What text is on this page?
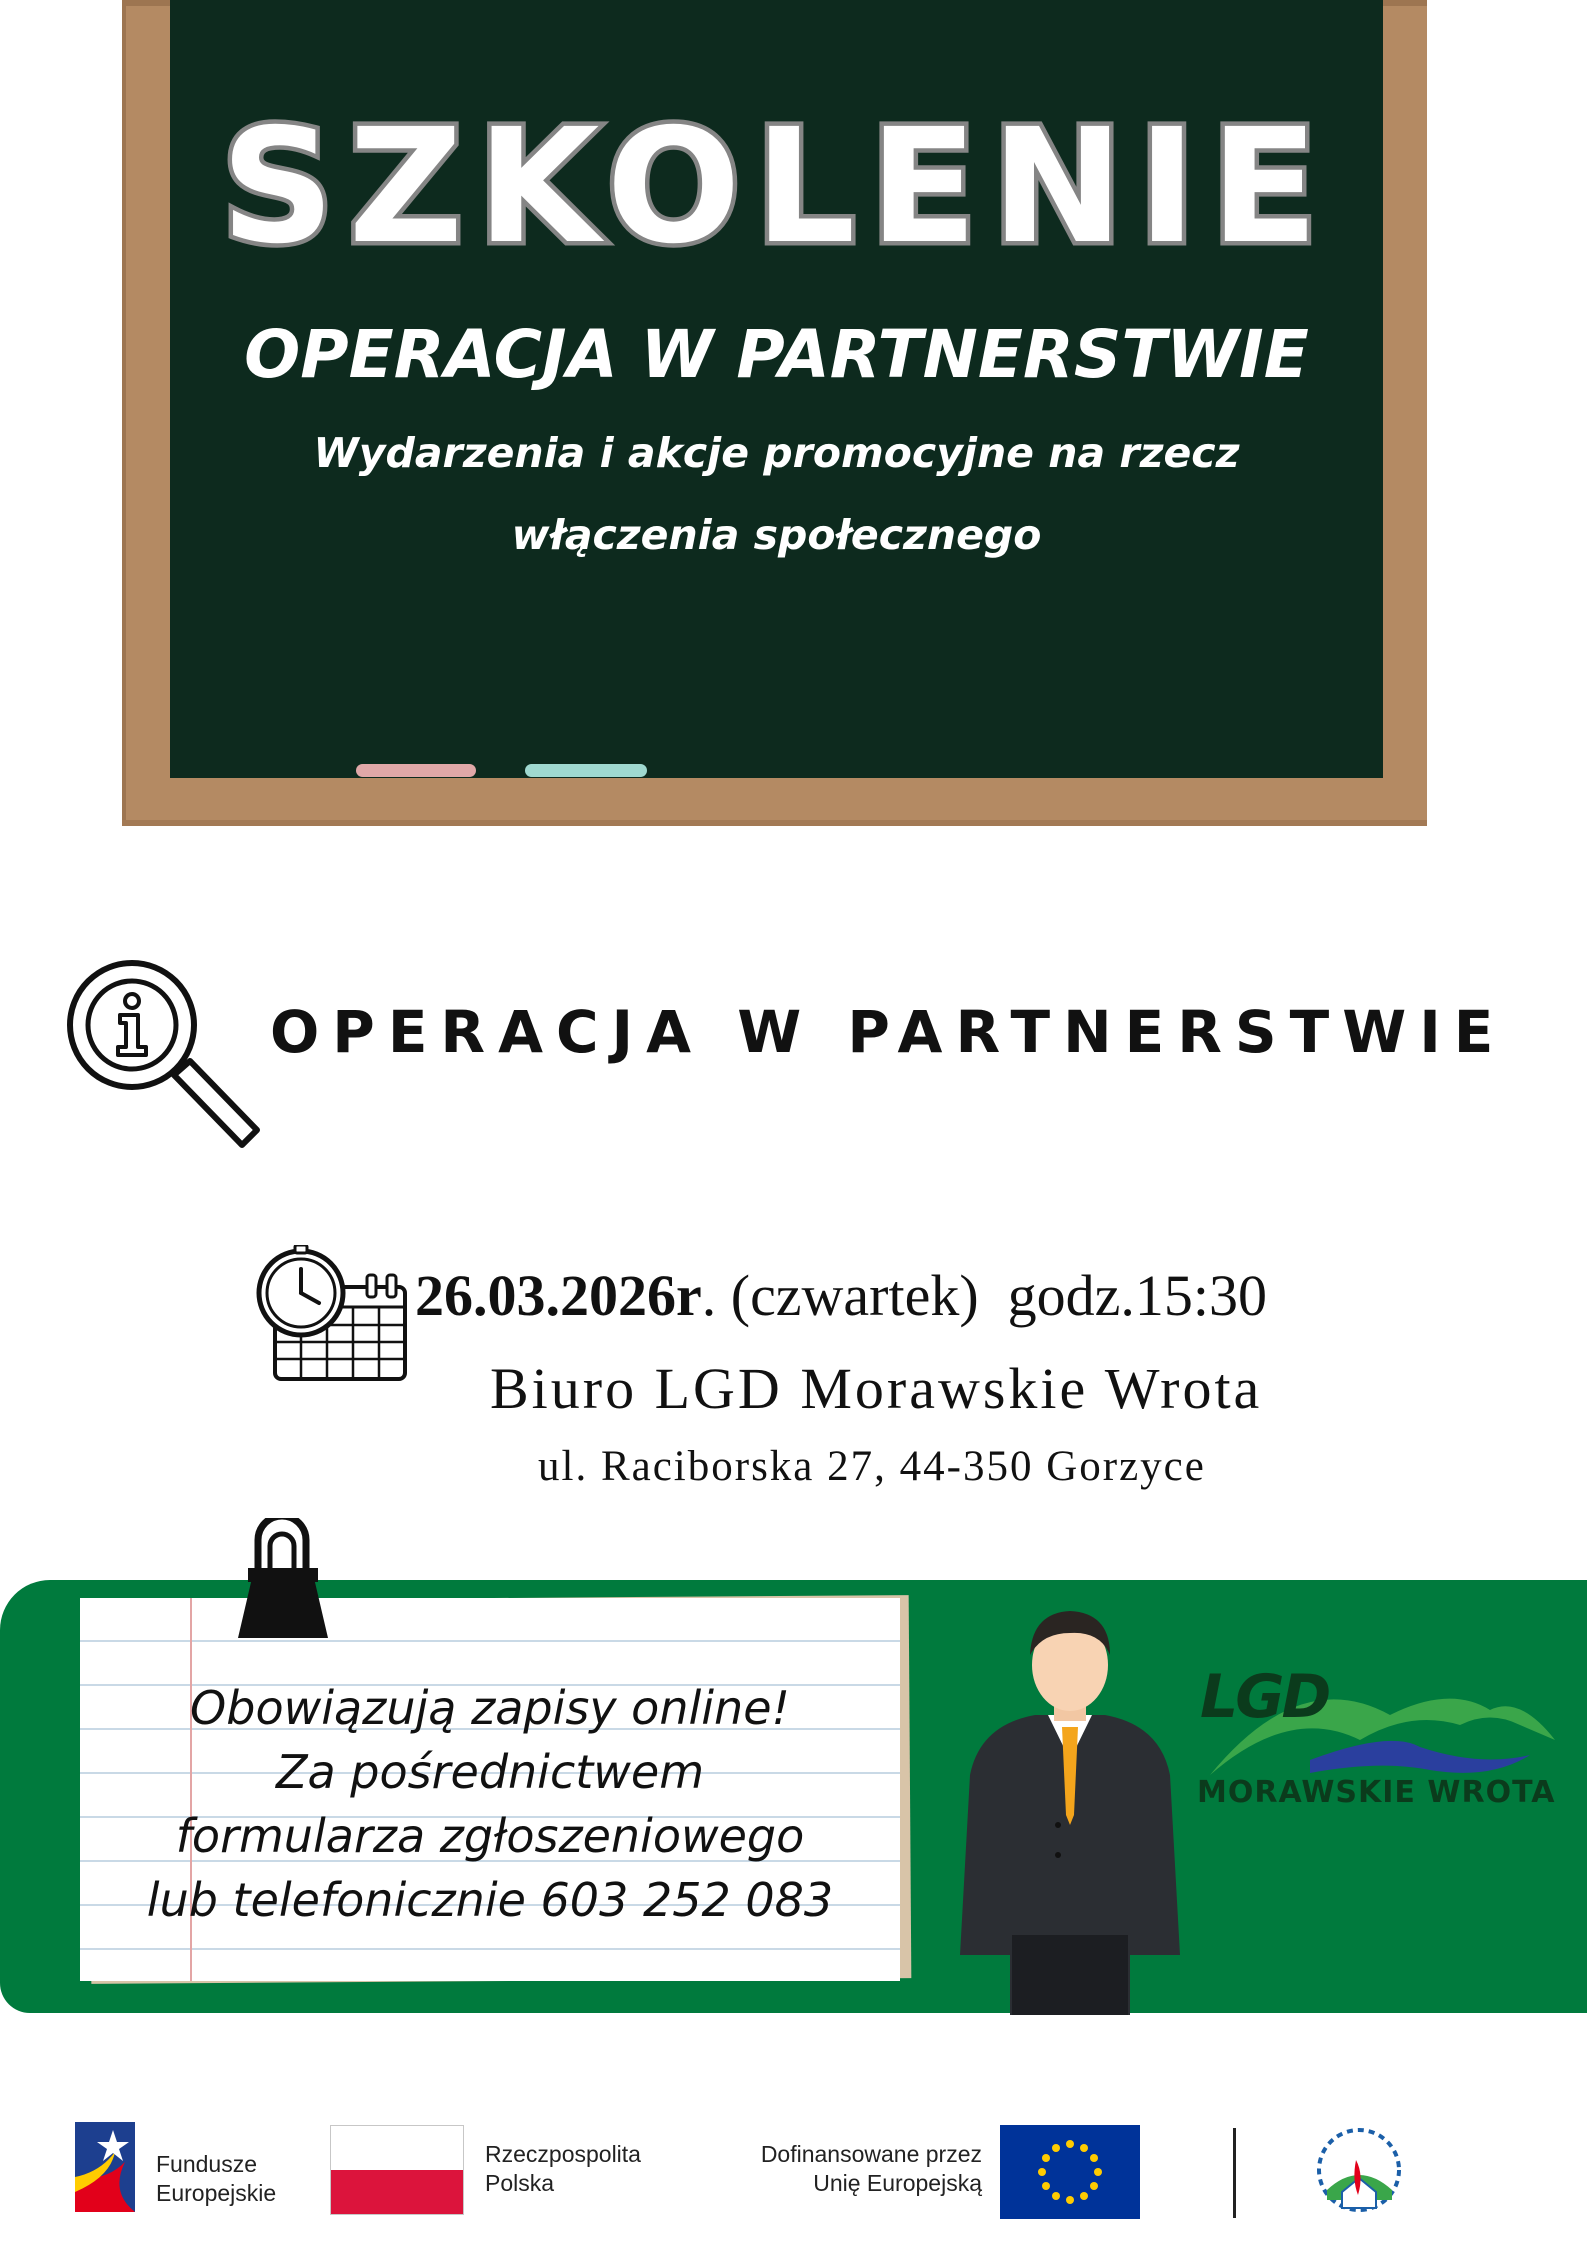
SZKOLENIE
OPERACJA W PARTNERSTWIE
Wydarzenia i akcje promocyjne na rzecz
włączenia społecznego
OPERACJA W PARTNERSTWIE
26.03.2026r. (czwartek)  godz.15:30
Biuro LGD Morawskie Wrota
ul. Raciborska 27, 44-350 Gorzyce
Obowiązują zapisy online!
Za pośrednictwem
formularza zgłoszeniowego
lub telefonicznie 603 252 083
LGD
MORAWSKIE WROTA
Fundusze
Europejskie
Rzeczpospolita
Polska
Dofinansowane przez
Unię Europejską
